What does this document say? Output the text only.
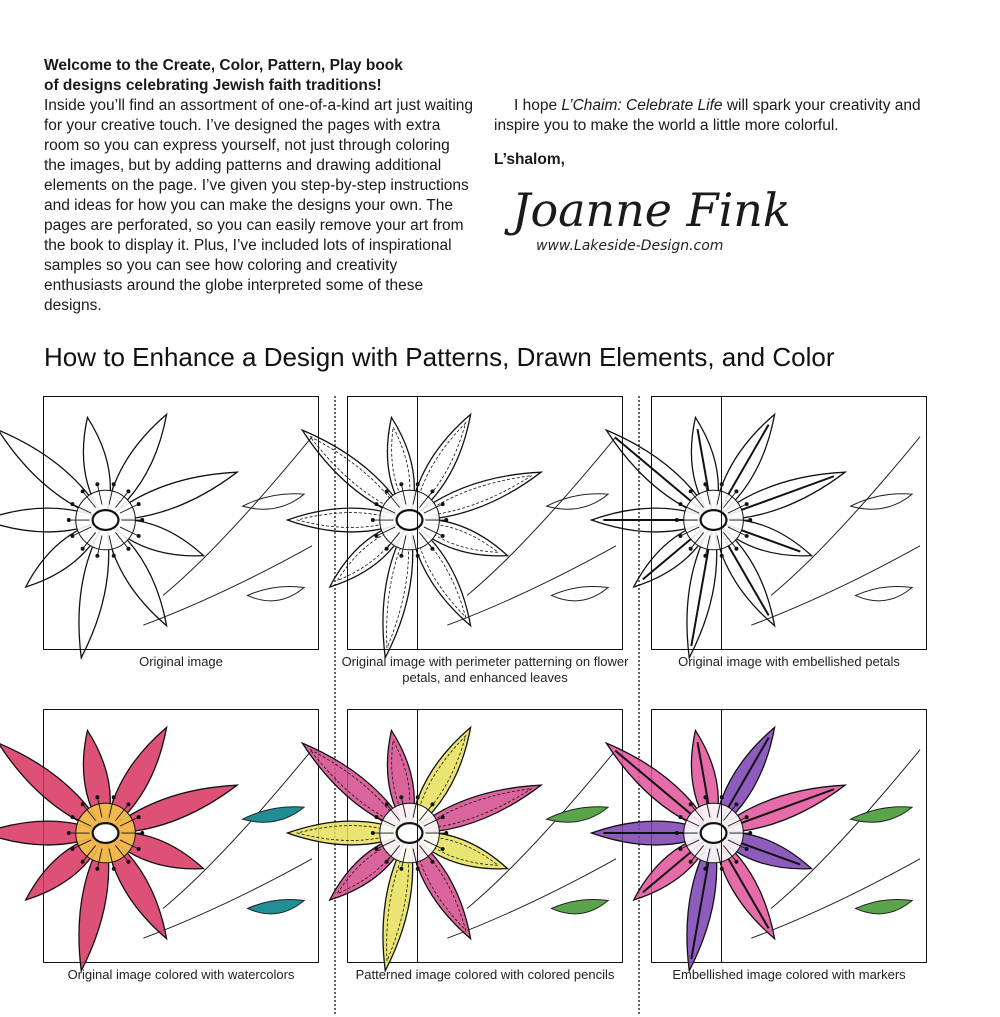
Welcome to the Create, Color, Pattern, Play book
of designs celebrating Jewish faith traditions!

Inside you’ll find an assortment of one-of-a-kind art just waiting for your creative touch. I’ve designed the pages with extra room so you can express yourself, not just through coloring the images, but by adding patterns and drawing additional elements on the page. I’ve given you step-by-step instructions and ideas for how you can make the designs your own. The pages are perforated, so you can easily remove your art from the book to display it. Plus, I’ve included lots of inspirational samples so you can see how coloring and creativity enthusiasts around the globe interpreted some of these designs.

I hope L’Chaim: Celebrate Life will spark your creativity and inspire you to make the world a little more colorful.

L’shalom,
Joanne Fink
www.Lakeside-Design.com
How to Enhance a Design with Patterns, Drawn Elements, and Color
Original image	Original image with perimeter patterning on flower petals, and enhanced leaves
Original image with embellished petals
Original image colored with watercolors	Patterned image colored with colored pencils	Embellished image colored with markers
